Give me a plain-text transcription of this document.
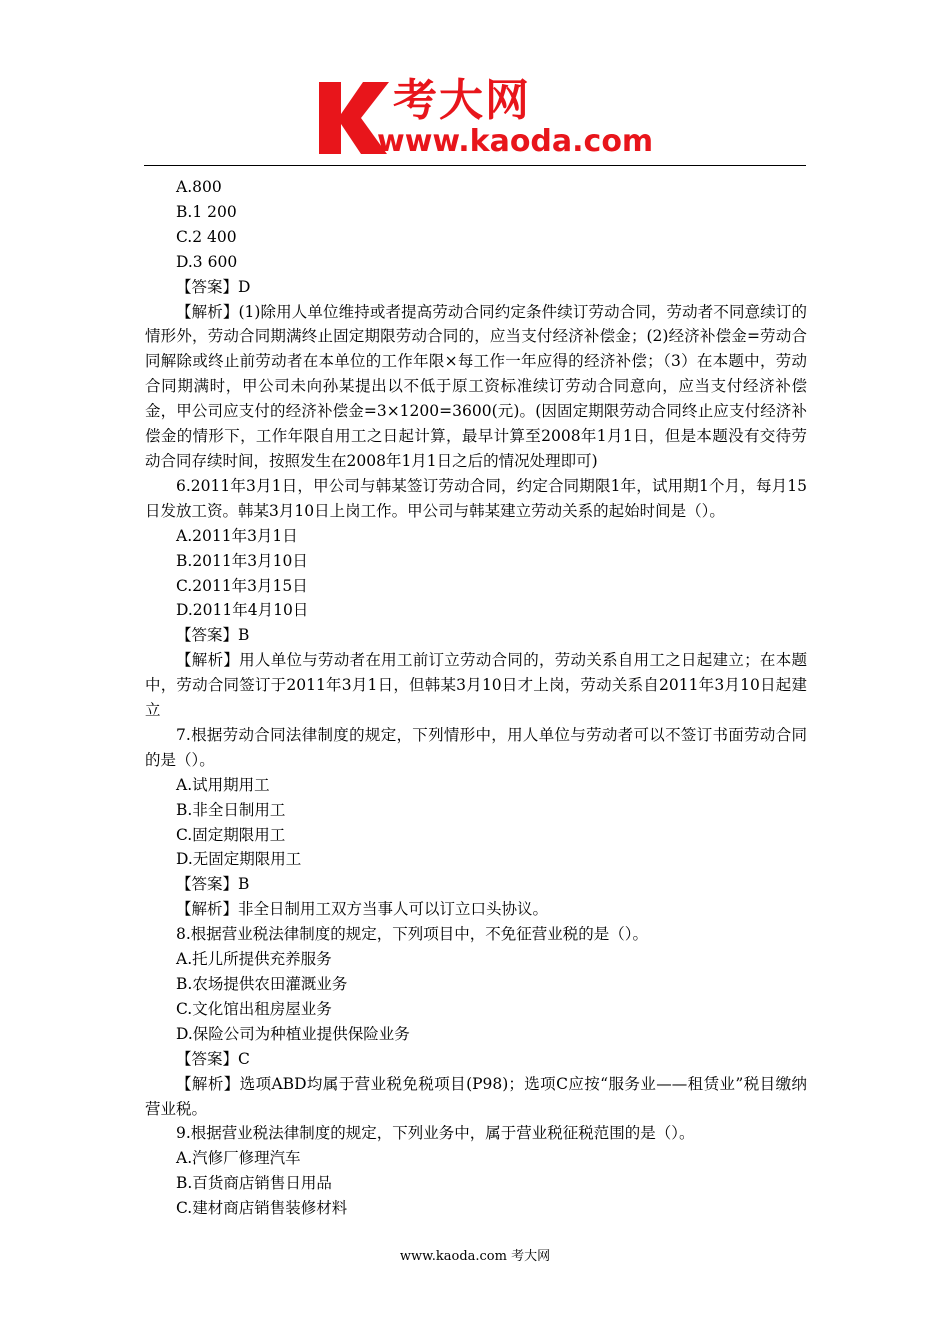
考大网
www.kaoda.com

A.800

B.1 200

C.2 400

D.3 600

【答案】D

【解析】(1)除用人单位维持或者提高劳动合同约定条件续订劳动合同，劳动者不同意续订的情形外，劳动合同期满终止固定期限劳动合同的，应当支付经济补偿金；(2)经济补偿金=劳动合同解除或终止前劳动者在本单位的工作年限×每工作一年应得的经济补偿；（3）在本题中，劳动合同期满时，甲公司未向孙某提出以不低于原工资标准续订劳动合同意向，应当支付经济补偿金，甲公司应支付的经济补偿金=3×1200=3600(元)。(因固定期限劳动合同终止应支付经济补偿金的情形下，工作年限自用工之日起计算，最早计算至2008年1月1日，但是本题没有交待劳动合同存续时间，按照发生在2008年1月1日之后的情况处理即可)

6.2011年3月1日，甲公司与韩某签订劳动合同，约定合同期限1年，试用期1个月，每月15日发放工资。韩某3月10日上岗工作。甲公司与韩某建立劳动关系的起始时间是（）。

A.2011年3月1日

B.2011年3月10日

C.2011年3月15日

D.2011年4月10日

【答案】B

【解析】用人单位与劳动者在用工前订立劳动合同的，劳动关系自用工之日起建立；在本题中，劳动合同签订于2011年3月1日，但韩某3月10日才上岗，劳动关系自2011年3月10日起建立

7.根据劳动合同法律制度的规定，下列情形中，用人单位与劳动者可以不签订书面劳动合同的是（）。

A.试用期用工

B.非全日制用工

C.固定期限用工

D.无固定期限用工

【答案】B

【解析】非全日制用工双方当事人可以订立口头协议。

8.根据营业税法律制度的规定，下列项目中，不免征营业税的是（）。

A.托儿所提供充养服务

B.农场提供农田灌溉业务

C.文化馆出租房屋业务

D.保险公司为种植业提供保险业务

【答案】C

【解析】选项ABD均属于营业税免税项目(P98)；选项C应按“服务业——租赁业”税目缴纳营业税。

9.根据营业税法律制度的规定，下列业务中，属于营业税征税范围的是（）。

A.汽修厂修理汽车

B.百货商店销售日用品

C.建材商店销售装修材料

www.kaoda.com 考大网
